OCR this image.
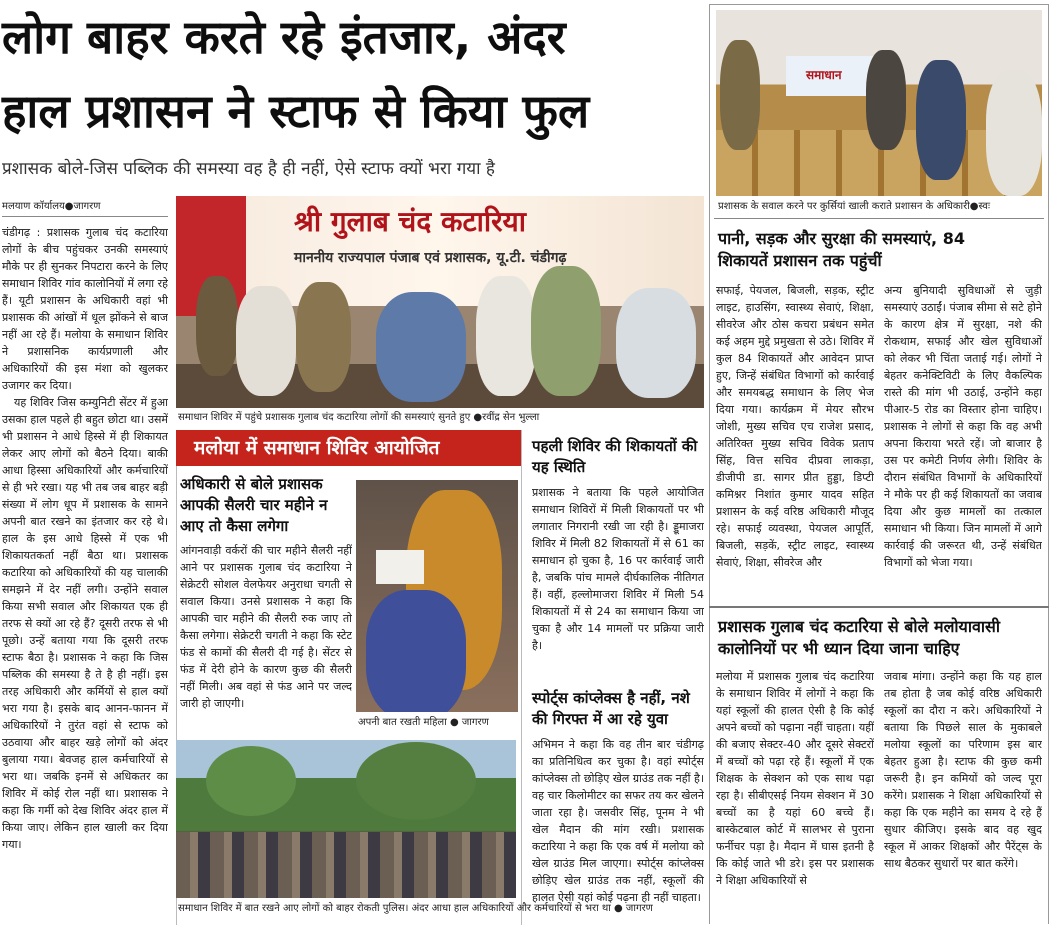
लोग बाहर करते रहे इंतजार, अंदर
हाल प्रशासन ने स्टाफ से किया फुल
प्रशासक बोले-जिस पब्लिक की समस्या वह है ही नहीं, ऐसे स्टाफ क्यों भरा गया है
मलयाण कॉर्यालय●जागरण

चंडीगढ़ : प्रशासक गुलाब चंद कटारिया लोगों के बीच पहुंचकर उनकी समस्याएं मौके पर ही सुनकर निपटारा करने के लिए समाधान शिविर गांव कालोनियों में लगा रहे हैं। यूटी प्रशासन के अधिकारी वहां भी प्रशासक की आंखों में धूल झोंकने से बाज नहीं आ रहे हैं। मलोया के समाधान शिविर ने प्रशासनिक कार्यप्रणाली और अधिकारियों की इस मंशा को खुलकर उजागर कर दिया।

यह शिविर जिस कम्युनिटी सेंटर में हुआ उसका हाल पहले ही बहुत छोटा था। उसमें भी प्रशासन ने आधे हिस्से में ही शिकायत लेकर आए लोगों को बैठने दिया। बाकी आधा हिस्सा अधिकारियों और कर्मचारियों से ही भरे रखा। यह भी तब जब बाहर बड़ी संख्या में लोग धूप में प्रशासक के सामने अपनी बात रखने का इंतजार कर रहे थे। हाल के इस आधे हिस्से में एक भी शिकायतकर्ता नहीं बैठा था। प्रशासक कटारिया को अधिकारियों की यह चालाकी समझने में देर नहीं लगी। उन्होंने सवाल किया सभी सवाल और शिकायत एक ही तरफ से क्यों आ रहे हैं? दूसरी तरफ से भी पूछो। उन्हें बताया गया कि दूसरी तरफ स्टाफ बैठा है। प्रशासक ने कहा कि जिस पब्लिक की समस्या है ते है ही नहीं। इस तरह अधिकारी और कर्मियों से हाल क्यों भरा गया है। इसके बाद आनन-फानन में अधिकारियों ने तुरंत वहां से स्टाफ को उठवाया और बाहर खड़े लोगों को अंदर बुलाया गया। बेवजह हाल कर्मचारियों से भरा था। जबकि इनमें से अधिकतर का शिविर में कोई रोल नहीं था। प्रशासक ने कहा कि गर्मी को देख शिविर अंदर हाल में किया जाए। लेकिन हाल खाली कर दिया गया।

श्री गुलाब चंद कटारिया
माननीय राज्यपाल पंजाब एवं प्रशासक, यू.टी. चंडीगढ़
समाधान शिविर में पहुंचे प्रशासक गुलाब चंद कटारिया लोगों की समस्याएं सुनते हुए ●रवींद्र सेन भुल्ला
मलोया में समाधान शिविर आयोजित
अधिकारी से बोले प्रशासक आपकी सैलरी चार महीने न आए तो कैसा लगेगा
आंगनवाड़ी वर्करों की चार महीने सैलरी नहीं आने पर प्रशासक गुलाब चंद कटारिया ने सेक्रेटरी सोशल वेलफेयर अनुराधा चगती से सवाल किया। उनसे प्रशासक ने कहा कि आपकी चार महीने की सैलरी रुक जाए तो कैसा लगेगा। सेक्रेटरी चगती ने कहा कि स्टेट फंड से कामों की सैलरी दी गई है। सेंटर से फंड में देरी होने के कारण कुछ की सैलरी नहीं मिली। अब वहां से फंड आने पर जल्द जारी हो जाएगी।
अपनी बात रखती महिला ● जागरण
समाधान शिविर में बात रखने आए लोगों को बाहर रोकती पुलिस। अंदर आधा हाल अधिकारियों और कर्मचारियों से भरा था ● जागरण
पहली शिविर की शिकायतों की यह स्थिति
प्रशासक ने बताया कि पहले आयोजित समाधान शिविरों में मिली शिकायतों पर भी लगातार निगरानी रखी जा रही है। ड्डूमाजरा शिविर में मिली 82 शिकायतों में से 61 का समाधान हो चुका है, 16 पर कार्रवाई जारी है, जबकि पांच मामले दीर्घकालिक नीतिगत हैं। वहीं, हल्लोमाजरा शिविर में मिली 54 शिकायतों में से 24 का समाधान किया जा चुका है और 14 मामलों पर प्रक्रिया जारी है।
स्पोर्ट्स कांप्लेक्स है नहीं, नशे की गिरफ्त में आ रहे युवा
अभिमन ने कहा कि वह तीन बार चंडीगढ़ का प्रतिनिधित्व कर चुका है। वहां स्पोर्ट्स कांप्लेक्स तो छोड़िए खेल ग्राउंड तक नहीं है। वह चार किलोमीटर का सफर तय कर खेलने जाता रहा है। जसवीर सिंह, पूनम ने भी खेल मैदान की मांग रखी। प्रशासक कटारिया ने कहा कि एक वर्ष में मलोया को खेल ग्राउंड मिल जाएगा। स्पोर्ट्स कांप्लेक्स छोड़िए खेल ग्राउंड तक नहीं, स्कूलों की हालत ऐसी यहां कोई पढ़ना ही नहीं चाहता।
समाधान
प्रशासक के सवाल करने पर कुर्सियां खाली कराते प्रशासन के अधिकारी●स्वः
पानी, सड़क और सुरक्षा की समस्याएं, 84 शिकायतें प्रशासन तक पहुंचीं
सफाई, पेयजल, बिजली, सड़क, स्ट्रीट लाइट, हाउसिंग, स्वास्थ्य सेवाएं, शिक्षा, सीवरेज और ठोस कचरा प्रबंधन समेत कई अहम मुद्दे प्रमुखता से उठे। शिविर में कुल 84 शिकायतें और आवेदन प्राप्त हुए, जिन्हें संबंधित विभागों को कार्रवाई और समयबद्ध समाधान के लिए भेज दिया गया। कार्यक्रम में मेयर सौरभ जोशी, मुख्य सचिव एच राजेश प्रसाद, अतिरिक्त मुख्य सचिव विवेक प्रताप सिंह, वित्त सचिव दीप्रवा लाकड़ा, डीजीपी डा. सागर प्रीत हुड्डा, डिप्टी कमिश्नर निशांत कुमार यादव सहित प्रशासन के कई वरिष्ठ अधिकारी मौजूद रहे। सफाई व्यवस्था, पेयजल आपूर्ति, बिजली, सड़कें, स्ट्रीट लाइट, स्वास्थ्य सेवाएं, शिक्षा, सीवरेज और
अन्य बुनियादी सुविधाओं से जुड़ी समस्याएं उठाईं। पंजाब सीमा से सटे होने के कारण क्षेत्र में सुरक्षा, नशे की रोकथाम, सफाई और खेल सुविधाओं को लेकर भी चिंता जताई गई। लोगों ने बेहतर कनेक्टिविटी के लिए वैकल्पिक रास्ते की मांग भी उठाई, उन्होंने कहा पीआर-5 रोड का विस्तार होना चाहिए। प्रशासक ने लोगों से कहा कि वह अभी अपना किराया भरते रहें। जो बाजार है उस पर कमेटी निर्णय लेगी। शिविर के दौरान संबंधित विभागों के अधिकारियों ने मौके पर ही कई शिकायतों का जवाब दिया और कुछ मामलों का तत्काल समाधान भी किया। जिन मामलों में आगे कार्रवाई की जरूरत थी, उन्हें संबंधित विभागों को भेजा गया।
प्रशासक गुलाब चंद कटारिया से बोले मलोयावासी कालोनियों पर भी ध्यान दिया जाना चाहिए
मलोया में प्रशासक गुलाब चंद कटारिया के समाधान शिविर में लोगों ने कहा कि यहां स्कूलों की हालत ऐसी है कि कोई अपने बच्चों को पढ़ाना नहीं चाहता। यहीं की बजाए सेक्टर-40 और दूसरे सेक्टरों में बच्चों को पढ़ा रहे हैं। स्कूलों में एक शिक्षक के सेक्शन को एक साथ पढ़ा रहा है। सीबीएसई नियम सेक्शन में 30 बच्चों का है यहां 60 बच्चे हैं। बास्केटबाल कोर्ट में सालभर से पुराना फर्नीचर पड़ा है। मैदान में घास इतनी है कि कोई जाते भी डरे। इस पर प्रशासक ने शिक्षा अधिकारियों से
जवाब मांगा। उन्होंने कहा कि यह हाल तब होता है जब कोई वरिष्ठ अधिकारी स्कूलों का दौरा न करे। अधिकारियों ने बताया कि पिछले साल के मुकाबले मलोया स्कूलों का परिणाम इस बार बेहतर हुआ है। स्टाफ की कुछ कमी जरूरी है। इन कमियों को जल्द पूरा करेंगे। प्रशासक ने शिक्षा अधिकारियों से कहा कि एक महीने का समय दे रहे हैं सुधार कीजिए। इसके बाद वह खुद स्कूल में आकर शिक्षकों और पैरेंट्स के साथ बैठकर सुधारों पर बात करेंगे।
